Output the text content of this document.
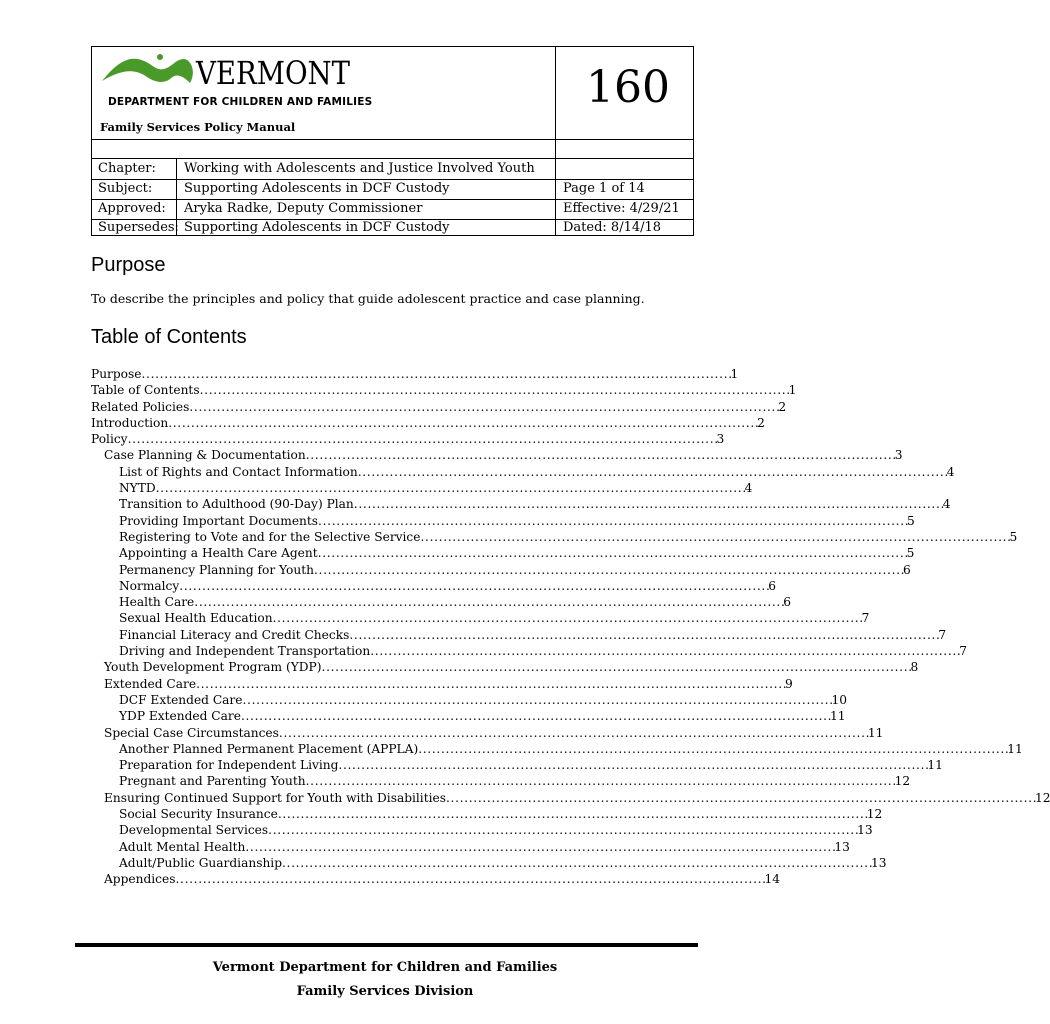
VERMONT
DEPARTMENT FOR CHILDREN AND FAMILIES	160
Family Services Policy Manual
Chapter: Working with Adolescents and Justice Involved Youth
Subject: Supporting Adolescents in DCF Custody	Page 1 of 14
Approved: Aryka Radke, Deputy Commissioner	Effective: 4/29/21
Supersedes: Supporting Adolescents in DCF Custody	Dated: 8/14/18
Purpose
To describe the principles and policy that guide adolescent practice and case planning.
Table of Contents
Purpose . . .	1
Table of Contents . . .	1
Related Policies . . .	2
Introduction . . .	2
Policy . . .	3
Case Planning & Documentation . . .	3
List of Rights and Contact Information . . .	4
NYTD . . .	4
Transition to Adulthood (90-Day) Plan . . .	4
Providing Important Documents . . .	5
Registering to Vote and for the Selective Service . . .	5
Appointing a Health Care Agent . . .	5
Permanency Planning for Youth . . .	6
Normalcy . . .	6
Health Care . . .	6
Sexual Health Education . . .	7
Financial Literacy and Credit Checks . . .	7
Driving and Independent Transportation . . .	7
Youth Development Program (YDP) . . .	8
Extended Care . . .	9
DCF Extended Care . . .	10
YDP Extended Care . . .	11
Special Case Circumstances . . .	11
Another Planned Permanent Placement (APPLA) . . .	11
Preparation for Independent Living . . .	11
Pregnant and Parenting Youth . . .	12
Ensuring Continued Support for Youth with Disabilities . . .	12
Social Security Insurance . . .	12
Developmental Services . . .	13
Adult Mental Health . . .	13
Adult/Public Guardianship . . .	13
Appendices . . .	14
Vermont Department for Children and Families
Family Services Division
